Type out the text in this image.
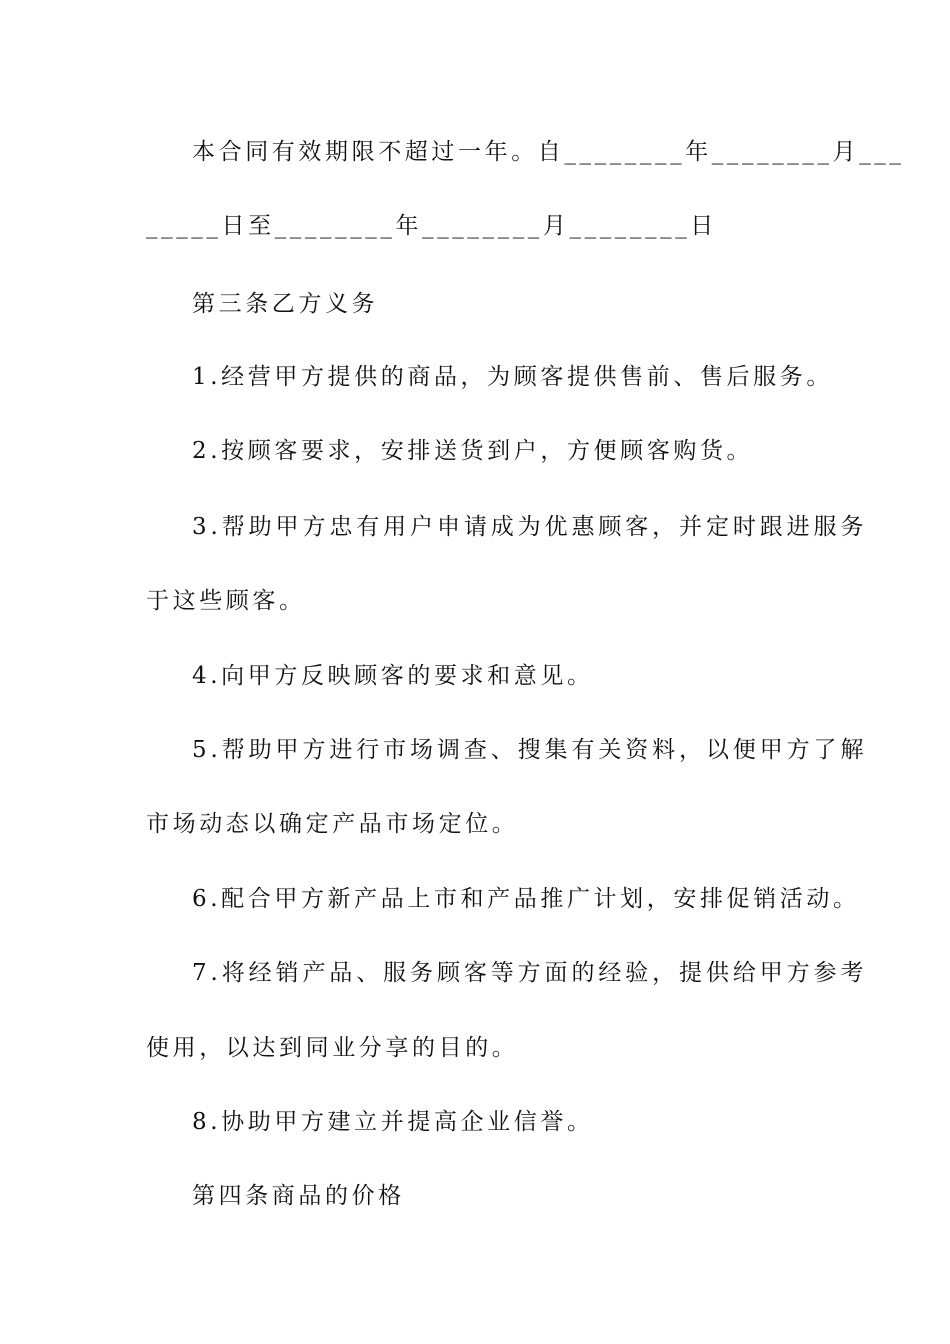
本合同有效期限不超过一年。自________年________月___
_____日至________年________月________日
第三条乙方义务
1.经营甲方提供的商品，为顾客提供售前、售后服务。
2.按顾客要求，安排送货到户，方便顾客购货。
3.帮助甲方忠有用户申请成为优惠顾客，并定时跟进服务
于这些顾客。
4.向甲方反映顾客的要求和意见。
5.帮助甲方进行市场调查、搜集有关资料，以便甲方了解
市场动态以确定产品市场定位。
6.配合甲方新产品上市和产品推广计划，安排促销活动。
7.将经销产品、服务顾客等方面的经验，提供给甲方参考
使用，以达到同业分享的目的。
8.协助甲方建立并提高企业信誉。
第四条商品的价格
